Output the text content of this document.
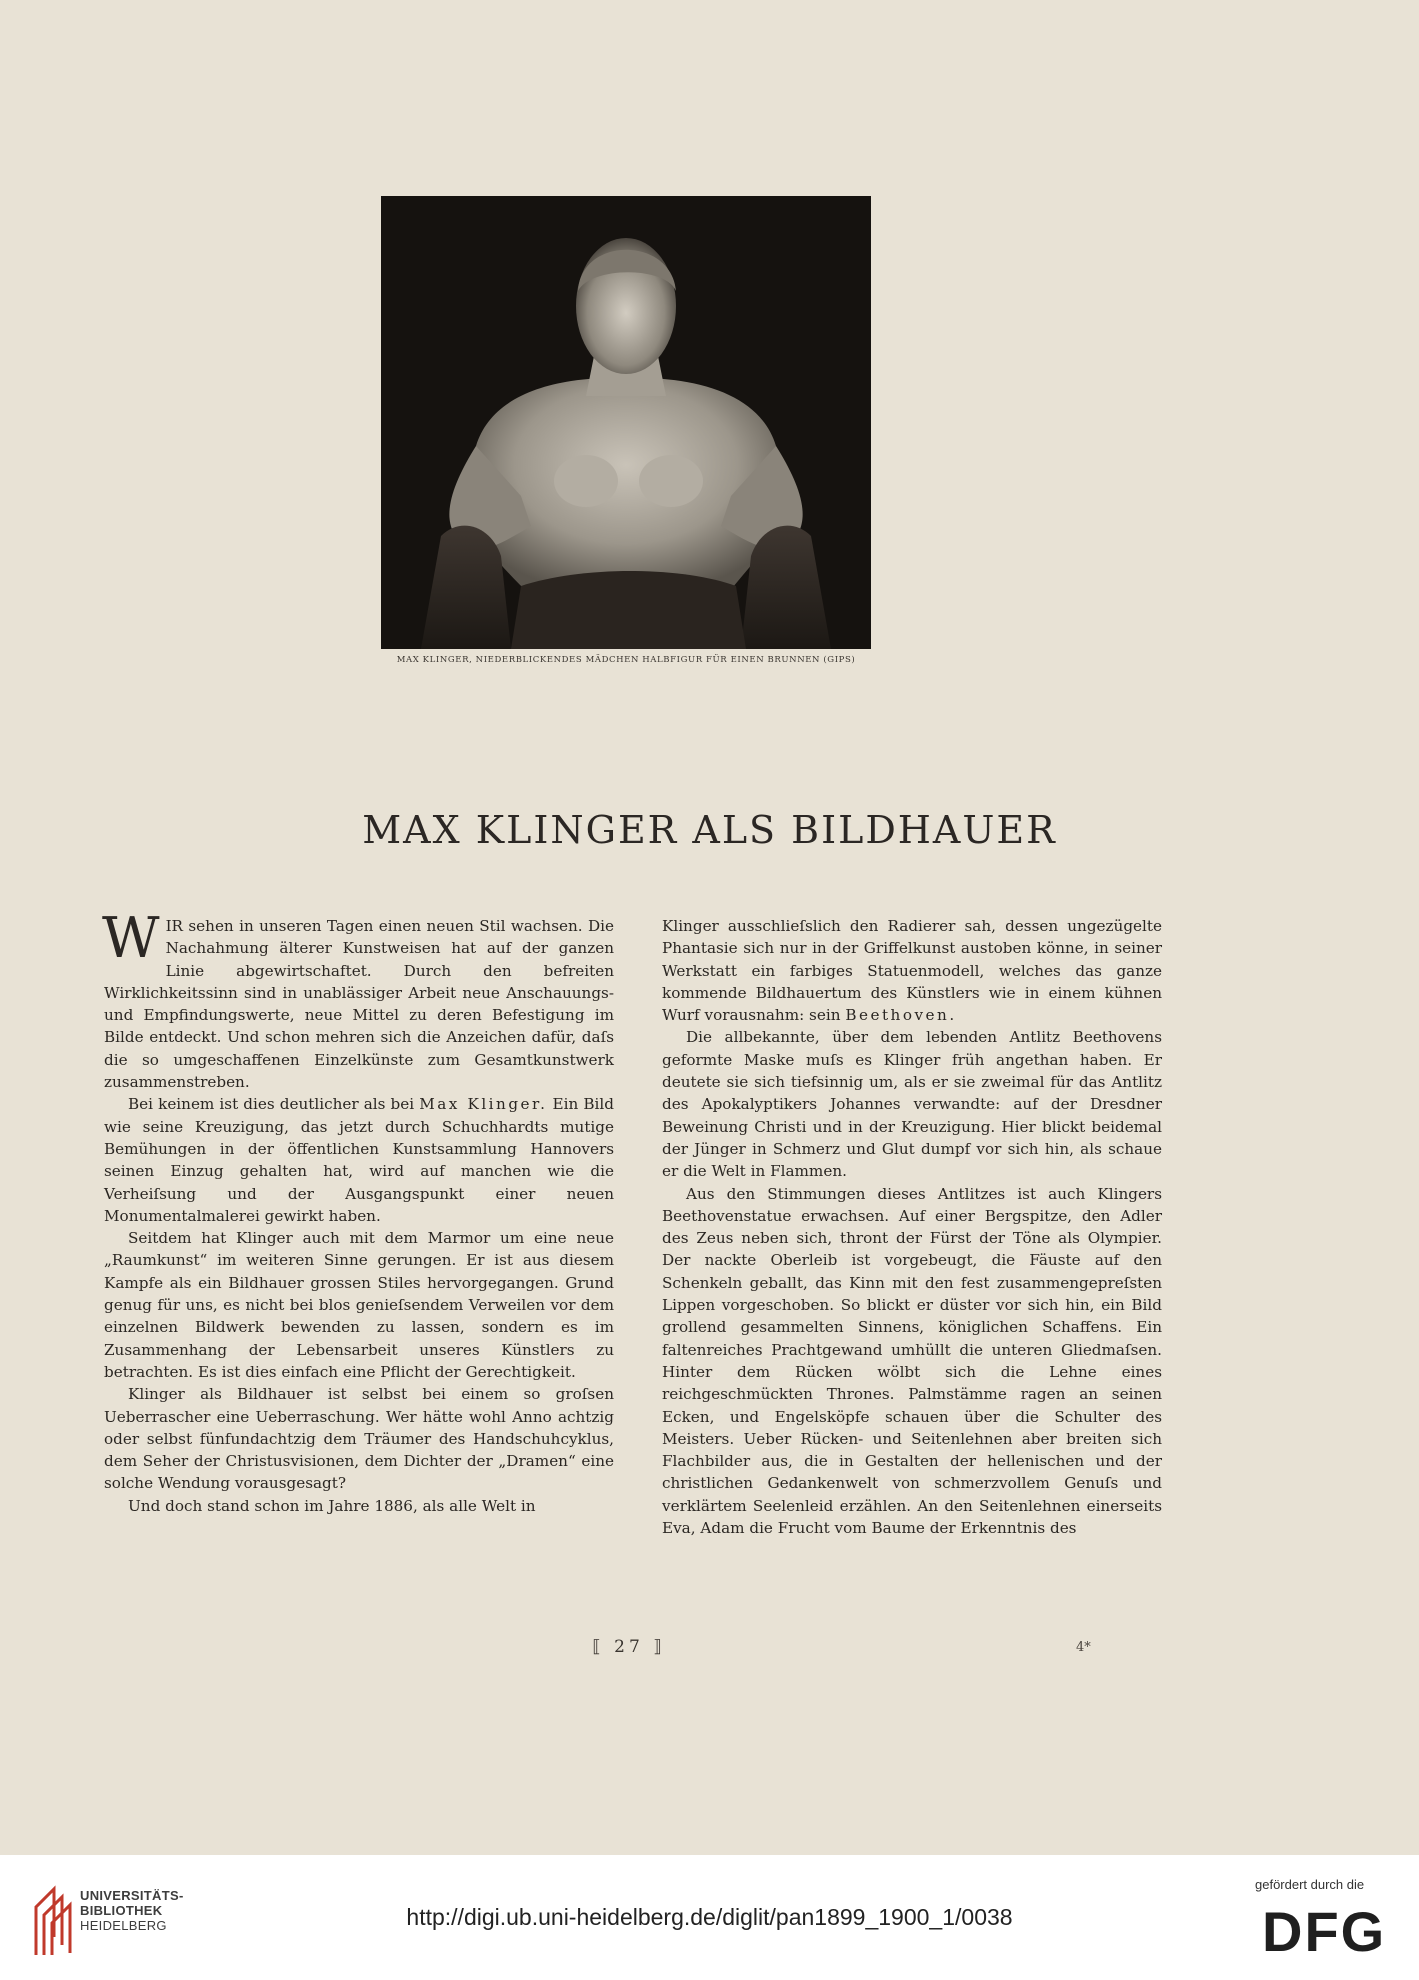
MAX KLINGER, NIEDERBLICKENDES MÄDCHEN HALBFIGUR FÜR EINEN BRUNNEN (GIPS)
MAX KLINGER ALS BILDHAUER

WIR sehen in unseren Tagen einen neuen Stil wachsen. Die Nachahmung älterer Kunstweisen hat auf der ganzen Linie abgewirtschaftet. Durch den befreiten Wirklichkeitssinn sind in unablässiger Arbeit neue Anschauungs- und Empfindungswerte, neue Mittel zu deren Befestigung im Bilde entdeckt. Und schon mehren sich die Anzeichen dafür, daſs die so umgeschaffenen Einzelkünste zum Gesamtkunstwerk zusammenstreben.

Bei keinem ist dies deutlicher als bei Max Klinger. Ein Bild wie seine Kreuzigung, das jetzt durch Schuchhardts mutige Bemühungen in der öffentlichen Kunstsammlung Hannovers seinen Einzug gehalten hat, wird auf manchen wie die Verheiſsung und der Ausgangspunkt einer neuen Monumentalmalerei gewirkt haben.

Seitdem hat Klinger auch mit dem Marmor um eine neue „Raumkunst“ im weiteren Sinne gerungen. Er ist aus diesem Kampfe als ein Bildhauer grossen Stiles hervorgegangen. Grund genug für uns, es nicht bei blos genieſsendem Verweilen vor dem einzelnen Bildwerk bewenden zu lassen, sondern es im Zusammenhang der Lebensarbeit unseres Künstlers zu betrachten. Es ist dies einfach eine Pflicht der Gerechtigkeit.

Klinger als Bildhauer ist selbst bei einem so groſsen Ueberrascher eine Ueberraschung. Wer hätte wohl Anno achtzig oder selbst fünfundachtzig dem Träumer des Handschuhcyklus, dem Seher der Christusvisionen, dem Dichter der „Dramen“ eine solche Wendung vorausgesagt?

Und doch stand schon im Jahre 1886, als alle Welt in

Klinger ausschlieſslich den Radierer sah, dessen ungezügelte Phantasie sich nur in der Griffelkunst austoben könne, in seiner Werkstatt ein farbiges Statuenmodell, welches das ganze kommende Bildhauertum des Künstlers wie in einem kühnen Wurf vorausnahm: sein Beethoven.

Die allbekannte, über dem lebenden Antlitz Beethovens geformte Maske muſs es Klinger früh angethan haben. Er deutete sie sich tiefsinnig um, als er sie zweimal für das Antlitz des Apokalyptikers Johannes verwandte: auf der Dresdner Beweinung Christi und in der Kreuzigung. Hier blickt beidemal der Jünger in Schmerz und Glut dumpf vor sich hin, als schaue er die Welt in Flammen.

Aus den Stimmungen dieses Antlitzes ist auch Klingers Beethovenstatue erwachsen. Auf einer Bergspitze, den Adler des Zeus neben sich, thront der Fürst der Töne als Olympier. Der nackte Oberleib ist vorgebeugt, die Fäuste auf den Schenkeln geballt, das Kinn mit den fest zusammengepreſsten Lippen vorgeschoben. So blickt er düster vor sich hin, ein Bild grollend gesammelten Sinnens, königlichen Schaffens. Ein faltenreiches Prachtgewand umhüllt die unteren Gliedmaſsen. Hinter dem Rücken wölbt sich die Lehne eines reichgeschmückten Thrones. Palmstämme ragen an seinen Ecken, und Engelsköpfe schauen über die Schulter des Meisters. Ueber Rücken- und Seitenlehnen aber breiten sich Flachbilder aus, die in Gestalten der hellenischen und der christlichen Gedankenwelt von schmerzvollem Genuſs und verklärtem Seelenleid erzählen. An den Seitenlehnen einerseits Eva, Adam die Frucht vom Baume der Erkenntnis des

⟦ 27 ⟧	4*
UNIVERSITÄTS-
BIBLIOTHEK
HEIDELBERG	http://digi.ub.uni-heidelberg.de/diglit/pan1899_1900_1/0038
gefördert durch die
DFG
